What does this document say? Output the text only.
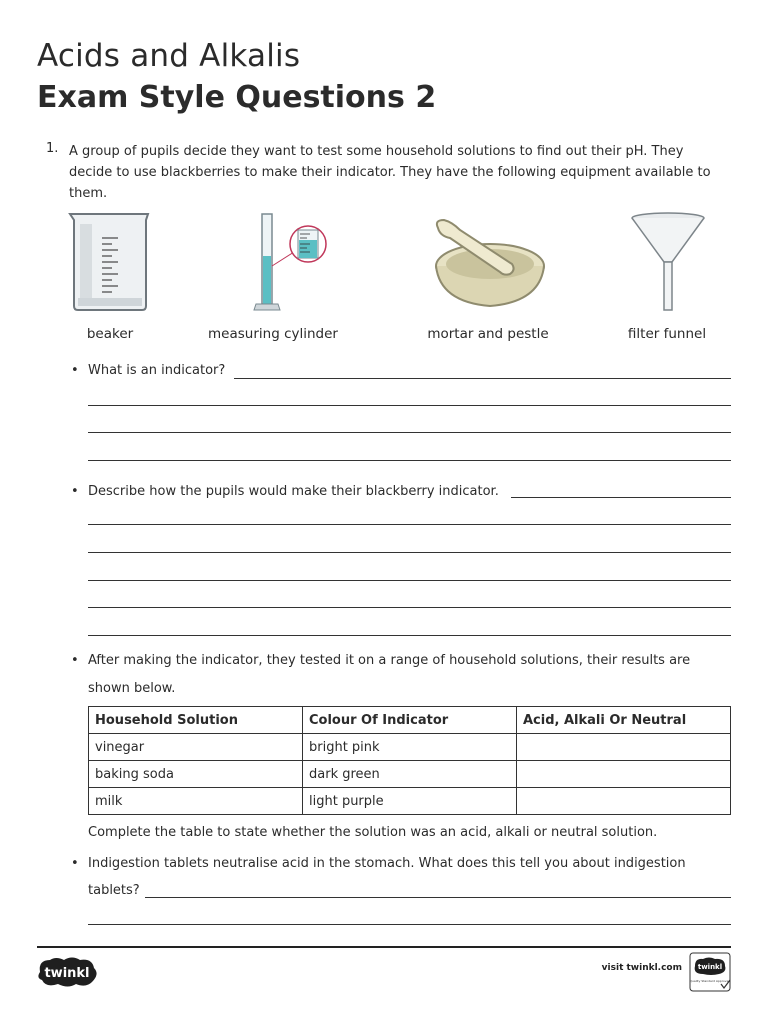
Acids and Alkalis
Exam Style Questions 2
1. A group of pupils decide they want to test some household solutions to find out their pH. They decide to use blackberries to make their indicator. They have the following equipment available to them.
beaker	measuring cylinder	mortar and pestle	filter funnel
• What is an indicator?
• Describe how the pupils would make their blackberry indicator.
• After making the indicator, they tested it on a range of household solutions, their results are
shown below.
Household Solution	Colour Of Indicator	Acid, Alkali Or Neutral
vinegar	bright pink	
baking soda	dark green	
milk	light purple	
Complete the table to state whether the solution was an acid, alkali or neutral solution.
• Indigestion tablets neutralise acid in the stomach. What does this tell you about indigestion
tablets?
twinkl	visit twinkl.com twinkl
Quality Standard Approved
